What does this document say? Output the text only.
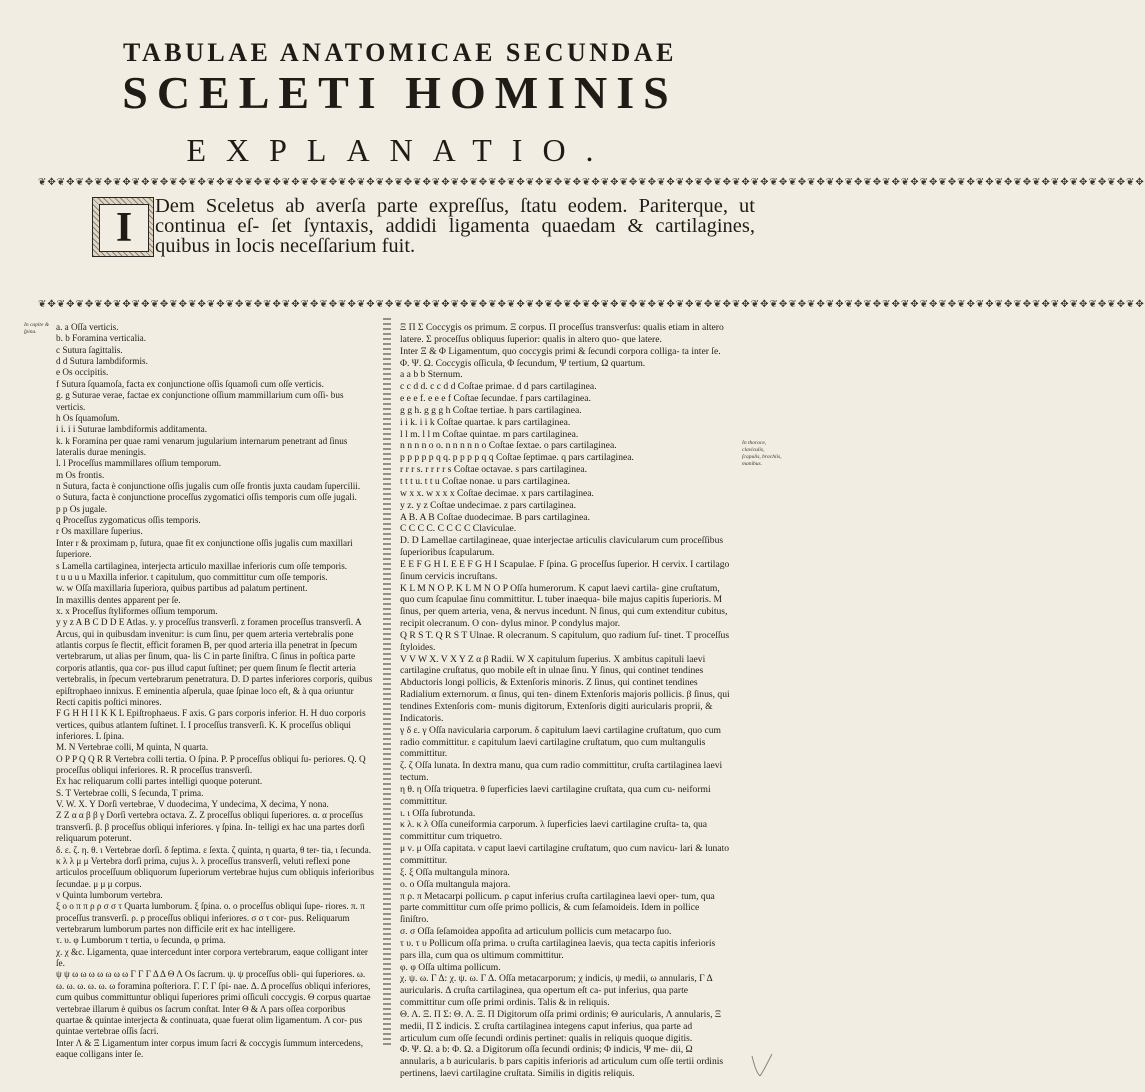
TABULAE ANATOMICAE SECUNDAE
SCELETI HOMINIS
EXPLANATIO.
❦✥❦✥❦✥❦✥❦✥❦✥❦✥❦✥❦✥❦✥❦✥❦✥❦✥❦✥❦✥❦✥❦✥❦✥❦✥❦✥❦✥❦✥❦✥❦✥❦✥❦✥❦✥❦✥❦✥❦✥❦✥❦✥❦✥❦✥❦✥❦✥❦✥❦✥❦✥❦✥❦✥❦✥❦✥❦✥❦✥❦✥❦✥❦✥❦✥❦✥❦✥❦✥❦✥❦✥❦✥❦✥❦✥❦✥❦✥
I	Dem Sceletus ab averſa parte expreſſus, ſtatu eodem. Pariterque, ut continua eſ- ſet ſyntaxis, addidi ligamenta quaedam & cartilagines, quibus in locis neceſſarium fuit.
❦✥❦✥❦✥❦✥❦✥❦✥❦✥❦✥❦✥❦✥❦✥❦✥❦✥❦✥❦✥❦✥❦✥❦✥❦✥❦✥❦✥❦✥❦✥❦✥❦✥❦✥❦✥❦✥❦✥❦✥❦✥❦✥❦✥❦✥❦✥❦✥❦✥❦✥❦✥❦✥❦✥❦✥❦✥❦✥❦✥❦✥❦✥❦✥❦✥❦✥❦✥❦✥❦✥❦✥❦✥❦✥❦✥❦✥❦✥
In capite & ſpina.
In thorace, claviculis, ſcapulis, brachiis, manibus.

a. a Oſſa verticis.

b. b Foramina verticalia.

c Sutura ſagittalis.

d d Sutura lambdiformis.

e Os occipitis.

f Sutura ſquamoſa, facta ex conjunctione oſſis ſquamoſi cum oſſe verticis.

g. g Suturae verae, factae ex conjunctione oſſium mammillarium cum oſſi- bus verticis.

h Os ſquamoſum.

i i. i i Suturae lambdiformis additamenta.

k. k Foramina per quae rami venarum jugularium internarum penetrant ad ſinus lateralis durae meningis.

l. l Proceſſus mammillares oſſium temporum.

m Os frontis.

n Sutura, facta è conjunctione oſſis jugalis cum oſſe frontis juxta caudam ſupercilii.

o Sutura, facta è conjunctione proceſſus zygomatici oſſis temporis cum oſſe jugali.

p p Os jugale.

q Proceſſus zygomaticus oſſis temporis.

r Os maxillare ſuperius.

Inter r & proximam p, ſutura, quae fit ex conjunctione oſſis jugalis cum maxillari ſuperiore.

s Lamella cartilaginea, interjecta articulo maxillae inferioris cum oſſe temporis.

t u u u u Maxilla inferior. t capitulum, quo committitur cum oſſe temporis.

w. w Oſſa maxillaria ſuperiora, quibus partibus ad palatum pertinent.

In maxillis dentes apparent per ſe.

x. x Proceſſus ſtyliformes oſſium temporum.

y y z A B C D D E Atlas. y. y proceſſus transverſi. z foramen proceſſus transverſi. A Arcus, qui in quibusdam invenitur: is cum ſinu, per quem arteria vertebralis pone atlantis corpus ſe flectit, efficit foramen B, per quod arteria illa penetrat in ſpecum vertebrarum, ut alias per ſinum, qua- lis C in parte ſiniſtra. C ſinus in poſtica parte corporis atlantis, qua cor- pus illud caput ſuſtinet; per quem ſinum ſe flectit arteria vertebralis, in ſpecum vertebrarum penetratura. D. D partes inferiores corporis, quibus epiſtrophaeo innixus. E eminentia aſperula, quae ſpinae loco eſt, & à qua oriuntur Recti capitis poſtici minores.

F G H H I I K K L Epiſtrophaeus. F axis. G pars corporis inferior. H. H duo corporis vertices, quibus atlantem ſuſtinet. I. I proceſſus transverſi. K. K proceſſus obliqui inferiores. L ſpina.

M. N Vertebrae colli, M quinta, N quarta.

O P P Q Q R R Vertebra colli tertia. O ſpina. P. P proceſſus obliqui ſu- periores. Q. Q proceſſus obliqui inferiores. R. R proceſſus transverſi.

Ex hac reliquarum colli partes intelligi quoque poterunt.

S. T Vertebrae colli, S ſecunda, T prima.

V. W. X. Y Dorſi vertebrae, V duodecima, Y undecima, X decima, Y nona.

Z Z α α β β γ Dorſi vertebra octava. Z. Z proceſſus obliqui ſuperiores. α. α proceſſus transverſi. β. β proceſſus obliqui inferiores. γ ſpina. In- telligi ex hac una partes dorſi reliquarum poterunt.

δ. ε. ζ. η. θ. ι Vertebrae dorſi. δ ſeptima. ε ſexta. ζ quinta, η quarta, θ ter- tia, ι ſecunda.

κ λ λ μ μ Vertebra dorſi prima, cujus λ. λ proceſſus transverſi, veluti reflexi pone articulos proceſſuum obliquorum ſuperiorum vertebrae hujus cum obliquis inferioribus ſecundae. μ μ μ corpus.

ν Quinta lumborum vertebra.

ξ ο ο π π ρ ρ σ σ τ Quarta lumborum. ξ ſpina. ο. ο proceſſus obliqui ſupe- riores. π. π proceſſus transverſi. ρ. ρ proceſſus obliqui inferiores. σ σ τ cor- pus. Reliquarum vertebrarum lumborum partes non difficile erit ex hac intelligere.

τ. υ. φ Lumborum τ tertia, υ ſecunda, φ prima.

χ. χ &c. Ligamenta, quae intercedunt inter corpora vertebrarum, eaque colligant inter ſe.

ψ ψ ω ω ω ω ω ω ω Γ Γ Γ Δ Δ Θ Λ Os ſacrum. ψ. ψ proceſſus obli- qui ſuperiores. ω. ω. ω. ω. ω. ω. ω foramina poſteriora. Γ. Γ. Γ ſpi- nae. Δ. Δ proceſſus obliqui inferiores, cum quibus committuntur obliqui ſuperiores primi oſſiculi coccygis. Θ corpus quartae vertebrae illarum è quibus os ſacrum conſtat. Inter Θ & Λ pars oſſea corporibus quartae & quintae interjecta & continuata, quae fuerat olim ligamentum. Λ cor- pus quintae vertebrae oſſis ſacri.

Inter Λ & Ξ Ligamentum inter corpus imum ſacri & coccygis ſummum intercedens, eaque colligans inter ſe.

Ξ Π Σ Coccygis os primum. Ξ corpus. Π proceſſus transverſus: qualis etiam in altero latere. Σ proceſſus obliquus ſuperior: qualis in altero quo- que latere.

Inter Ξ & Φ Ligamentum, quo coccygis primi & ſecundi corpora colliga- ta inter ſe.

Φ. Ψ. Ω. Coccygis oſſicula, Φ ſecundum, Ψ tertium, Ω quartum.

a a b b Sternum.

c c d d. c c d d Coſtae primae. d d pars cartilaginea.

e e e f. e e e f Coſtae ſecundae. f pars cartilaginea.

g g h. g g g h Coſtae tertiae. h pars cartilaginea.

i i k. i i k Coſtae quartae. k pars cartilaginea.

l l m. l l m Coſtae quintae. m pars cartilaginea.

n n n n o o. n n n n n o Coſtae ſextae. o pars cartilaginea.

p p p p p q q. p p p p q q Coſtae ſeptimae. q pars cartilaginea.

r r r s. r r r r s Coſtae octavae. s pars cartilaginea.

t t t u. t t u Coſtae nonae. u pars cartilaginea.

w x x. w x x x Coſtae decimae. x pars cartilaginea.

y z. y z Coſtae undecimae. z pars cartilaginea.

A B. A B Coſtae duodecimae. B pars cartilaginea.

C C C C. C C C C Claviculae.

D. D Lamellae cartilagineae, quae interjectae articulis clavicularum cum proceſſibus ſuperioribus ſcapularum.

E E F G H I. E E F G H I Scapulae. F ſpina. G proceſſus ſuperior. H cervix. I cartilago ſinum cervicis incruſtans.

K L M N O P. K L M N O P Oſſa humerorum. K caput laevi cartila- gine cruſtatum, quo cum ſcapulae ſinu committitur. L tuber inaequa- bile majus capitis ſuperioris. M ſinus, per quem arteria, vena, & nervus incedunt. N ſinus, qui cum extenditur cubitus, recipit olecranum. O con- dylus minor. P condylus major.

Q R S T. Q R S T Ulnae. R olecranum. S capitulum, quo radium ſuſ- tinet. T proceſſus ſtyloides.

V V W X. V X Y Z α β Radii. W X capitulum ſuperius. X ambitus capituli laevi cartilagine cruſtatus, quo mobile eſt in ulnae ſinu. Y ſinus, qui continet tendines Abductoris longi pollicis, & Extenſoris minoris. Z ſinus, qui continet tendines Radialium externorum. α ſinus, qui ten- dinem Extenſoris majoris pollicis. β ſinus, qui tendines Extenſoris com- munis digitorum, Extenſoris digiti auricularis proprii, & Indicatoris.

γ δ ε. γ Oſſa navicularia carporum. δ capitulum laevi cartilagine cruſtatum, quo cum radio committitur. ε capitulum laevi cartilagine cruſtatum, quo cum multangulis committitur.

ζ. ζ Oſſa lunata. In dextra manu, qua cum radio committitur, cruſta cartilaginea laevi tectum.

η θ. η Oſſa triquetra. θ ſuperficies laevi cartilagine cruſtata, qua cum cu- neiformi committitur.

ι. ι Oſſa ſubrotunda.

κ λ. κ λ Oſſa cuneiformia carporum. λ ſuperficies laevi cartilagine cruſta- ta, qua committitur cum triquetro.

μ ν. μ Oſſa capitata. ν caput laevi cartilagine cruſtatum, quo cum navicu- lari & lunato committitur.

ξ. ξ Oſſa multangula minora.

ο. ο Oſſa multangula majora.

π ρ. π Metacarpi pollicum. ρ caput inferius cruſta cartilaginea laevi oper- tum, qua parte committitur cum oſſe primo pollicis, & cum ſeſamoideis. Idem in pollice ſiniſtro.

σ. σ Oſſa ſeſamoidea appoſita ad articulum pollicis cum metacarpo ſuo.

τ υ. τ υ Pollicum oſſa prima. υ cruſta cartilaginea laevis, qua tecta capitis inferioris pars illa, cum qua os ultimum committitur.

φ. φ Oſſa ultima pollicum.

χ. ψ. ω. Γ Δ: χ. ψ. ω. Γ Δ. Oſſa metacarporum; χ indicis, ψ medii, ω annularis, Γ Δ auricularis. Δ cruſta cartilaginea, qua opertum eſt ca- put inferius, qua parte committitur cum oſſe primi ordinis. Talis & in reliquis.

Θ. Λ. Ξ. Π Σ: Θ. Λ. Ξ. Π Digitorum oſſa primi ordinis; Θ auricularis, Λ annularis, Ξ medii, Π Σ indicis. Σ cruſta cartilaginea integens caput inferius, qua parte ad articulum cum oſſe ſecundi ordinis pertinet: qualis in reliquis quoque digitis.

Φ. Ψ. Ω. a b: Φ. Ω. a Digitorum oſſa ſecundi ordinis; Φ indicis, Ψ me- dii, Ω annularis, a b auricularis. b pars capitis inferioris ad articulum cum oſſe tertii ordinis pertinens, laevi cartilagine cruſtata. Similis in digitis reliquis.
